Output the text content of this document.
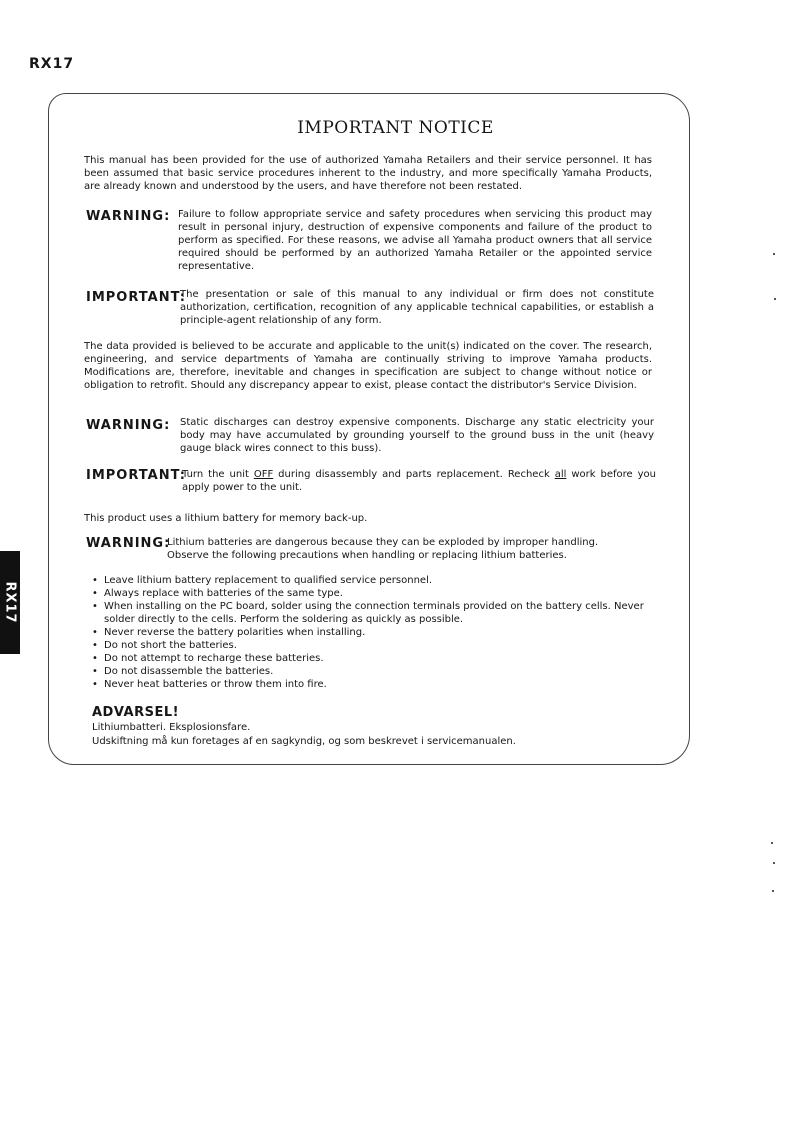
RX17
IMPORTANT NOTICE
This manual has been provided for the use of authorized Yamaha Retailers and their service personnel. It has been assumed that basic service procedures inherent to the industry, and more specifically Yamaha Products, are already known and understood by the users, and have therefore not been restated.
WARNING: Failure to follow appropriate service and safety procedures when servicing this product may result in personal injury, destruction of expensive components and failure of the product to perform as specified. For these reasons, we advise all Yamaha product owners that all service required should be performed by an authorized Yamaha Retailer or the appointed service representative.
IMPORTANT:
The presentation or sale of this manual to any individual or firm does not constitute authorization, certification, recognition of any applicable technical capabilities, or establish a principle-agent relationship of any form.
The data provided is believed to be accurate and applicable to the unit(s) indicated on the cover. The research, engineering, and service departments of Yamaha are continually striving to improve Yamaha products. Modifications are, therefore, inevitable and changes in specification are subject to change without notice or obligation to retrofit. Should any discrepancy appear to exist, please contact the distributor's Service Division.
WARNING: Static discharges can destroy expensive components. Discharge any static electricity your body may have accumulated by grounding yourself to the ground buss in the unit (heavy gauge black wires connect to this buss).
IMPORTANT:
Turn the unit OFF during disassembly and parts replacement. Recheck all work before you apply power to the unit.
This product uses a lithium battery for memory back-up.
WARNING:
Lithium batteries are dangerous because they can be exploded by improper handling.
Observe the following precautions when handling or replacing lithium batteries.
• Leave lithium battery replacement to qualified service personnel.
• Always replace with batteries of the same type.
• When installing on the PC board, solder using the connection terminals provided on the battery cells. Never solder directly to the cells. Perform the soldering as quickly as possible.
• Never reverse the battery polarities when installing.
• Do not short the batteries.
• Do not attempt to recharge these batteries.
• Do not disassemble the batteries.
• Never heat batteries or throw them into fire.
ADVARSEL!
Lithiumbatteri. Eksplosionsfare.
Udskiftning må kun foretages af en sagkyndig, og som beskrevet i servicemanualen.
RX17
